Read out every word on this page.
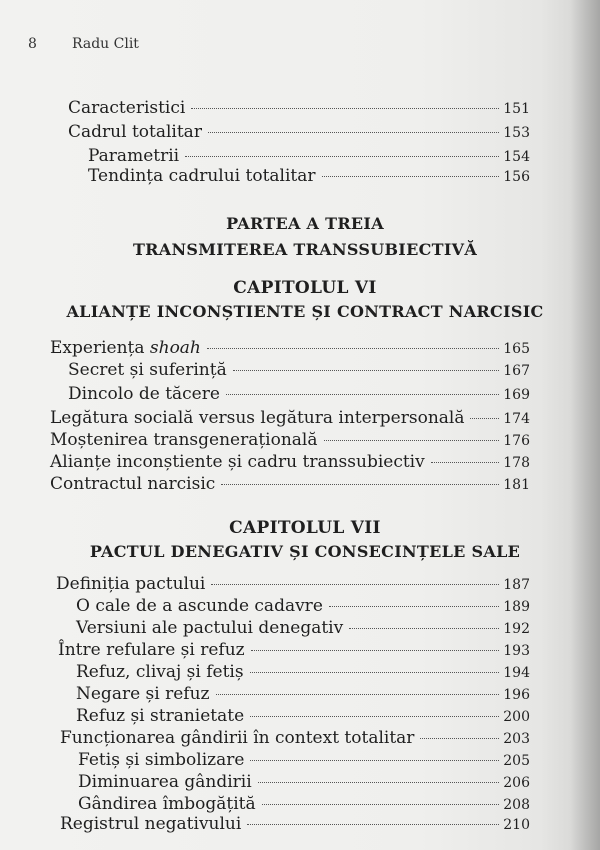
8	Radu Clit
Caracteristici	151
Cadrul totalitar	153
Parametrii	154
Tendința cadrului totalitar	156
PARTEA A TREIA
TRANSMITEREA TRANSSUBIECTIVĂ
CAPITOLUL VI
ALIANȚE INCONȘTIENTE ȘI CONTRACT NARCISIC
Experiența shoah	165
Secret și suferință	167
Dincolo de tăcere	169
Legătura socială versus legătura interpersonală	174
Moștenirea transgenerațională	176
Alianțe inconștiente și cadru transsubiectiv	178
Contractul narcisic	181
CAPITOLUL VII
PACTUL DENEGATIV ȘI CONSECINȚELE SALE
Definiția pactului	187
O cale de a ascunde cadavre	189
Versiuni ale pactului denegativ	192
Între refulare și refuz	193
Refuz, clivaj și fetiș	194
Negare și refuz	196
Refuz și stranietate	200
Funcționarea gândirii în context totalitar	203
Fetiș și simbolizare	205
Diminuarea gândirii	206
Gândirea îmbogățită	208
Registrul negativului	210
